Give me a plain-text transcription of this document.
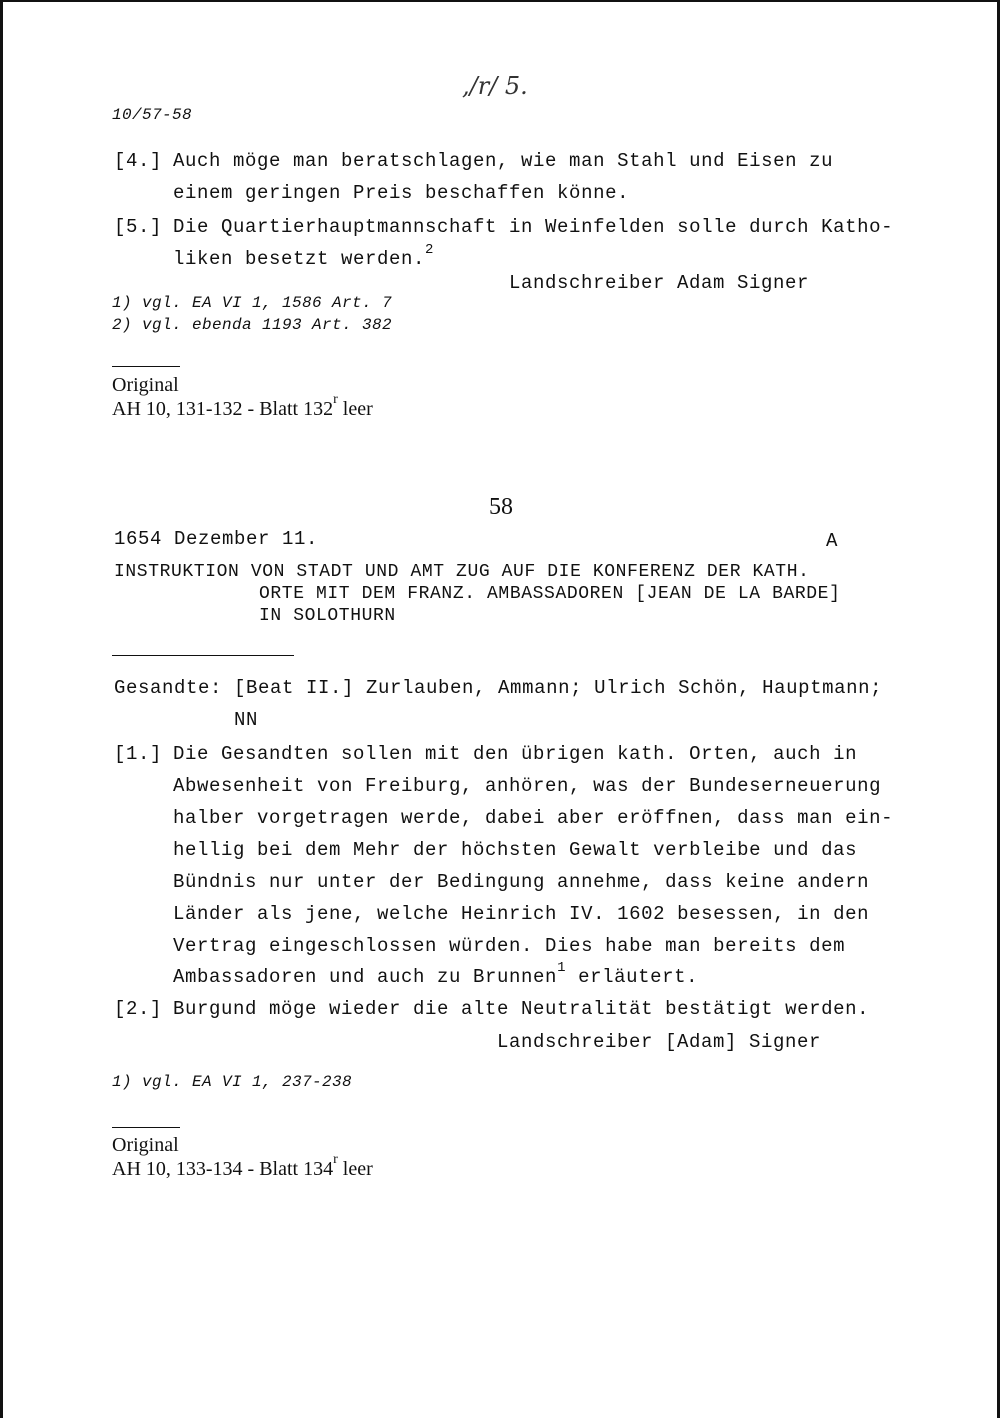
,/r/ 5.
10/57-58
[4.] Auch möge man beratschlagen, wie man Stahl und Eisen zu
einem geringen Preis beschaffen könne.
[5.] Die Quartierhauptmannschaft in Weinfelden solle durch Katho-
liken besetzt werden.$^2$
Landschreiber Adam Signer
1) vgl. EA VI 1, 1586 Art. 7
2) vgl. ebenda 1193 Art. 382
Original
AH 10, 131-132 - Blatt 132$^r$ leer
58
1654 Dezember 11.	A
INSTRUKTION VON STADT UND AMT ZUG AUF DIE KONFERENZ DER KATH.
ORTE MIT DEM FRANZ. AMBASSADOREN [JEAN DE LA BARDE]
IN SOLOTHURN
Gesandte: [Beat II.] Zurlauben, Ammann; Ulrich Schön, Hauptmann;
NN
[1.] Die Gesandten sollen mit den übrigen kath. Orten, auch in
Abwesenheit von Freiburg, anhören, was der Bundeserneuerung
halber vorgetragen werde, dabei aber eröffnen, dass man ein-
hellig bei dem Mehr der höchsten Gewalt verbleibe und das
Bündnis nur unter der Bedingung annehme, dass keine andern
Länder als jene, welche Heinrich IV. 1602 besessen, in den
Vertrag eingeschlossen würden. Dies habe man bereits dem
Ambassadoren und auch zu Brunnen$^1$ erläutert.
[2.] Burgund möge wieder die alte Neutralität bestätigt werden.
Landschreiber [Adam] Signer
1) vgl. EA VI 1, 237-238
Original
AH 10, 133-134 - Blatt 134$^r$ leer
